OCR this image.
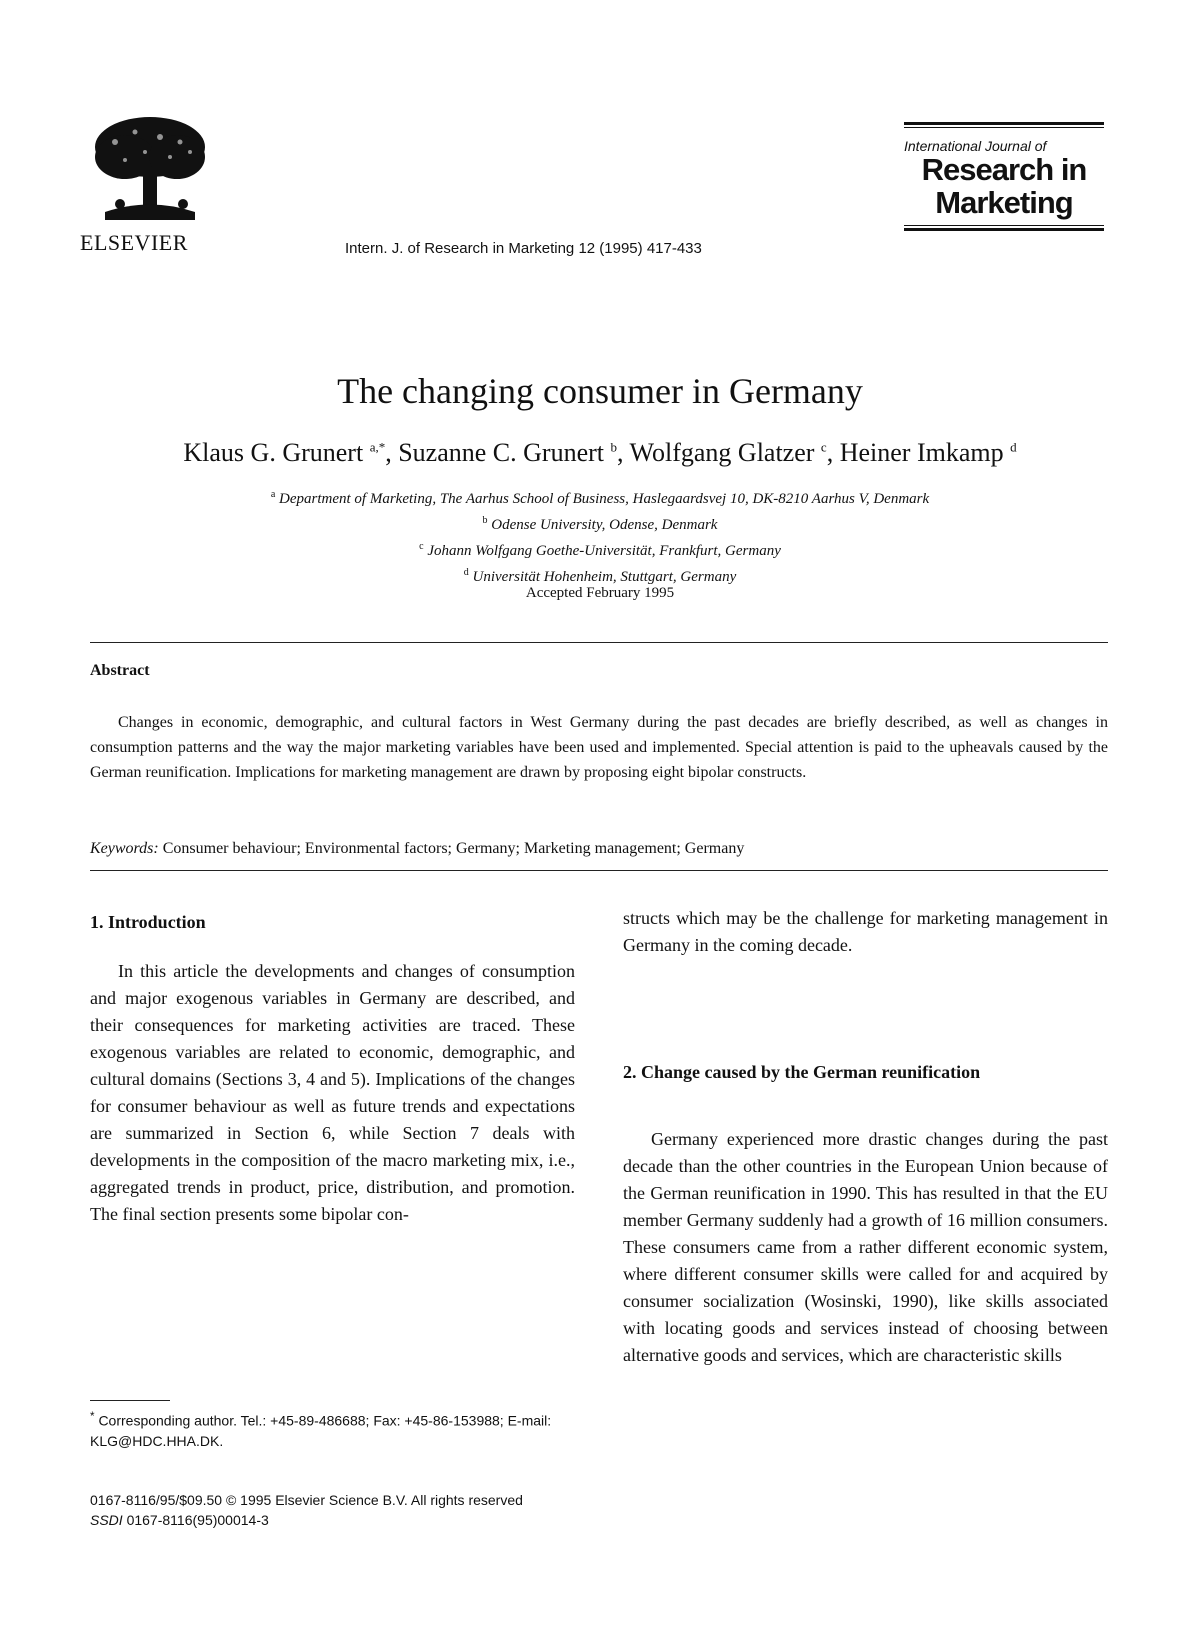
ELSEVIER	Intern. J. of Research in Marketing 12 (1995) 417-433
International Journal of
Research in
Marketing
The changing consumer in Germany
Klaus G. Grunert $^{a,*}$, Suzanne C. Grunert $^b$, Wolfgang Glatzer $^c$, Heiner Imkamp $^d$
$^a$ Department of Marketing, The Aarhus School of Business, Haslegaardsvej 10, DK-8210 Aarhus V, Denmark
$^b$ Odense University, Odense, Denmark
$^c$ Johann Wolfgang Goethe-Universität, Frankfurt, Germany
$^d$ Universität Hohenheim, Stuttgart, Germany
Accepted February 1995
Abstract
Changes in economic, demographic, and cultural factors in West Germany during the past decades are briefly described, as well as changes in consumption patterns and the way the major marketing variables have been used and implemented. Special attention is paid to the upheavals caused by the German reunification. Implications for marketing management are drawn by proposing eight bipolar constructs.
Keywords: Consumer behaviour; Environmental factors; Germany; Marketing management; Germany
1. Introduction
In this article the developments and changes of consumption and major exogenous variables in Germany are described, and their consequences for marketing activities are traced. These exogenous variables are related to economic, demographic, and cultural domains (Sections 3, 4 and 5). Implications of the changes for consumer behaviour as well as future trends and expectations are summarized in Section 6, while Section 7 deals with developments in the composition of the macro marketing mix, i.e., aggregated trends in product, price, distribution, and promotion. The final section presents some bipolar con-
structs which may be the challenge for marketing management in Germany in the coming decade.
2. Change caused by the German reunification
Germany experienced more drastic changes during the past decade than the other countries in the European Union because of the German reunification in 1990. This has resulted in that the EU member Germany suddenly had a growth of 16 million consumers. These consumers came from a rather different economic system, where different consumer skills were called for and acquired by consumer socialization (Wosinski, 1990), like skills associated with locating goods and services instead of choosing between alternative goods and services, which are characteristic skills
* Corresponding author. Tel.: +45-89-486688; Fax: +45-86-153988; E-mail: KLG@HDC.HHA.DK.
0167-8116/95/$09.50 © 1995 Elsevier Science B.V. All rights reserved
SSDI 0167-8116(95)00014-3
